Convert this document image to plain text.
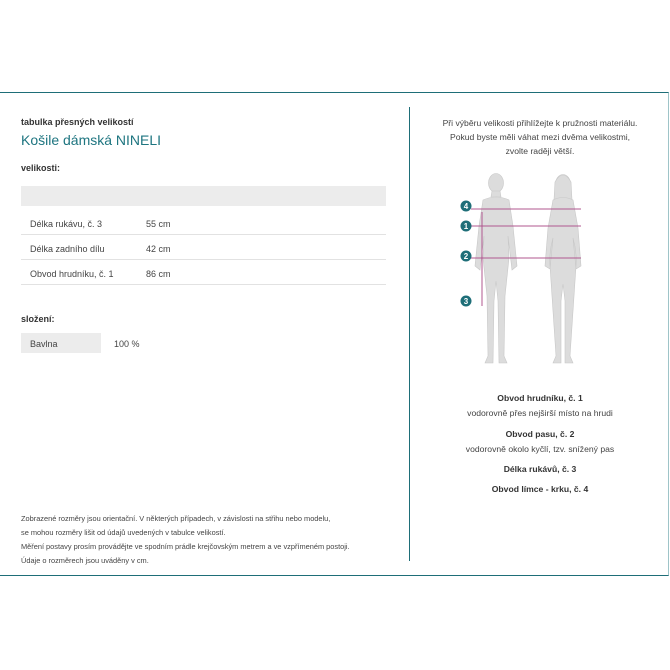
tabulka přesných velikostí
Košile dámská NINELI
velikosti:
Délka rukávu, č. 3	55 cm
Délka zadního dílu	42 cm
Obvod hrudníku, č. 1	86 cm
složení:
Bavlna	100 %
Zobrazené rozměry jsou orientační. V některých případech, v závislosti na střihu nebo modelu,
se mohou rozměry lišit od údajů uvedených v tabulce velikostí.
Měření postavy prosím provádějte ve spodním prádle krejčovským metrem a ve vzpřímeném postoji.
Údaje o rozměrech jsou uváděny v cm.
Při výběru velikosti přihlížejte k pružnosti materiálu.
Pokud byste měli váhat mezi dvěma velikostmi,
zvolte raději větší.
4
1
2
3
Obvod hrudníku, č. 1
vodorovně přes nejširší místo na hrudi
Obvod pasu, č. 2
vodorovně okolo kyčlí, tzv. snížený pas
Délka rukávů, č. 3
Obvod límce - krku, č. 4
